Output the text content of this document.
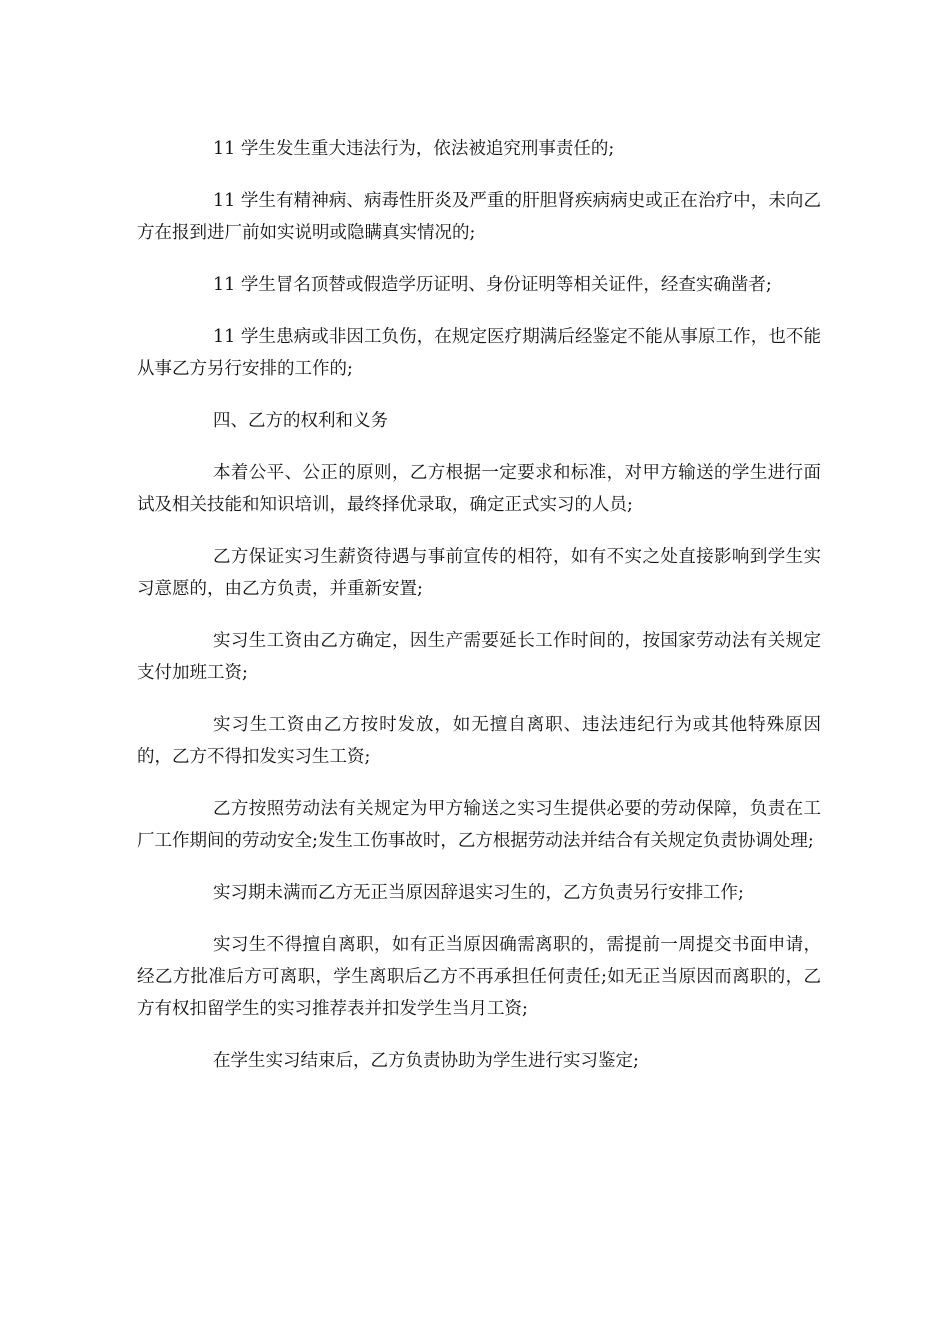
11 学生发生重大违法行为，依法被追究刑事责任的;

11 学生有精神病、病毒性肝炎及严重的肝胆肾疾病病史或正在治疗中，未向乙方在报到进厂前如实说明或隐瞒真实情况的;

11 学生冒名顶替或假造学历证明、身份证明等相关证件，经查实确凿者;

11 学生患病或非因工负伤，在规定医疗期满后经鉴定不能从事原工作，也不能从事乙方另行安排的工作的;

四、乙方的权利和义务

本着公平、公正的原则，乙方根据一定要求和标准，对甲方输送的学生进行面试及相关技能和知识培训，最终择优录取，确定正式实习的人员;

乙方保证实习生薪资待遇与事前宣传的相符，如有不实之处直接影响到学生实习意愿的，由乙方负责，并重新安置;

实习生工资由乙方确定，因生产需要延长工作时间的，按国家劳动法有关规定支付加班工资;

实习生工资由乙方按时发放，如无擅自离职、违法违纪行为或其他特殊原因的，乙方不得扣发实习生工资;

乙方按照劳动法有关规定为甲方输送之实习生提供必要的劳动保障，负责在工厂工作期间的劳动安全;发生工伤事故时，乙方根据劳动法并结合有关规定负责协调处理;

实习期未满而乙方无正当原因辞退实习生的，乙方负责另行安排工作;

实习生不得擅自离职，如有正当原因确需离职的，需提前一周提交书面申请，经乙方批准后方可离职，学生离职后乙方不再承担任何责任;如无正当原因而离职的，乙方有权扣留学生的实习推荐表并扣发学生当月工资;

在学生实习结束后，乙方负责协助为学生进行实习鉴定;
